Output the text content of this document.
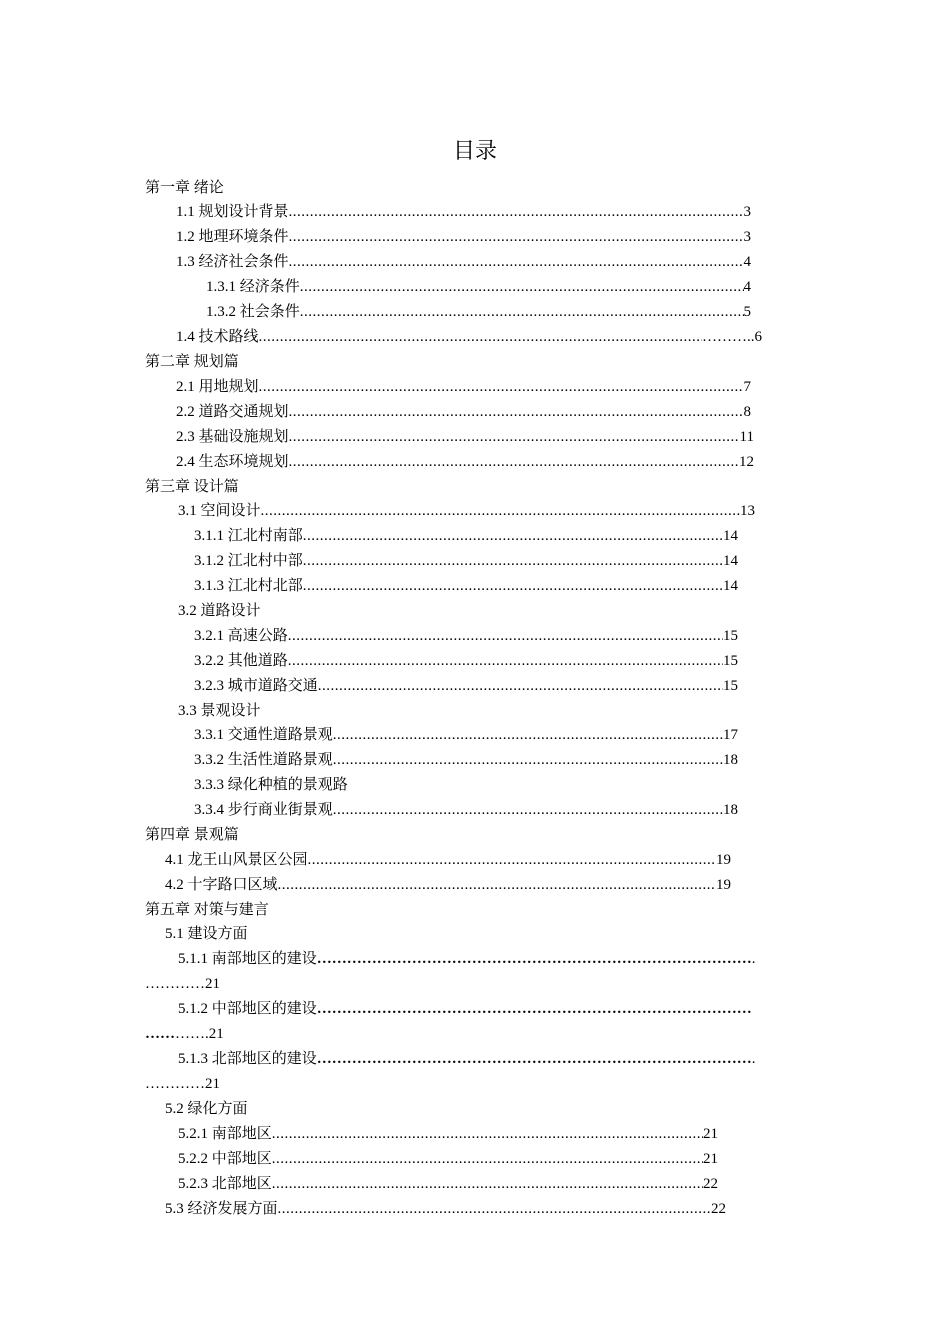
目录
第一章 绪论
1.1 规划设计背景 .....	3
1.2 地理环境条件 .....	3
1.3 经济社会条件 .....	4
1.3.1 经济条件 .....	4
1.3.2 社会条件 .....	5
1.4 技术路线 .....	……….. 6
第二章 规划篇
2.1 用地规划 .....	7
2.2 道路交通规划 .....	8
2.3 基础设施规划 .....	11
2.4 生态环境规划 .....	12
第三章 设计篇
3.1 空间设计 .....	13
3.1.1 江北村南部 .....	14
3.1.2 江北村中部 .....	14
3.1.3 江北村北部 .....	14
3.2 道路设计
3.2.1 高速公路 .....	15
3.2.2 其他道路 .....	15
3.2.3 城市道路交通 .....	15
3.3 景观设计
3.3.1 交通性道路景观 .....	17
3.3.2 生活性道路景观 .....	18
3.3.3 绿化种植的景观路
3.3.4 步行商业街景观 .....	18
第四章 景观篇
4.1 龙王山风景区公园 .....	19
4.2 十字路口区域 .....	19
第五章 对策与建言
5.1 建设方面
5.1.1 南部地区的建设…………………………………………………………………………….
…………21
5.1.2 中部地区的建设……………………………………………………………………………
………….21
5.1.3 北部地区的建设…………………………………………………………………………….
…………21
5.2 绿化方面
5.2.1 南部地区 .....	21
5.2.2 中部地区 .....	21
5.2.3 北部地区 .....	22
5.3 经济发展方面 .....	22
